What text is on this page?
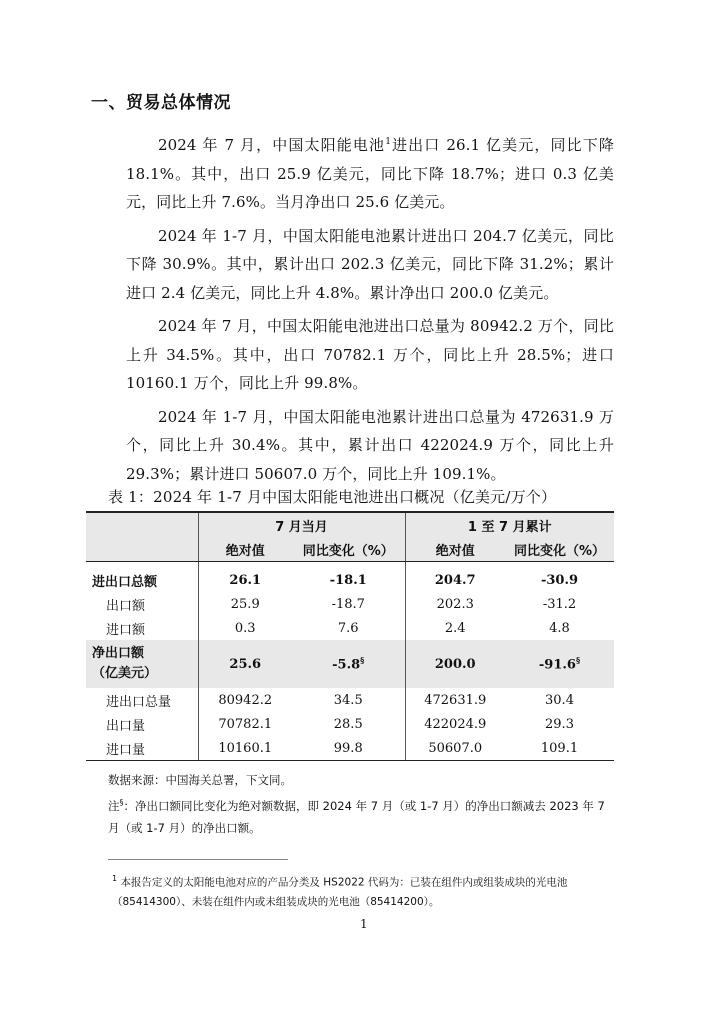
一、贸易总体情况

2024 年 7 月，中国太阳能电池$^1$进出口 26.1 亿美元，同比下降 18.1%。其中，出口 25.9 亿美元，同比下降 18.7%；进口 0.3 亿美元，同比上升 7.6%。当月净出口 25.6 亿美元。

2024 年 1-7 月，中国太阳能电池累计进出口 204.7 亿美元，同比下降 30.9%。其中，累计出口 202.3 亿美元，同比下降 31.2%；累计进口 2.4 亿美元，同比上升 4.8%。累计净出口 200.0 亿美元。

2024 年 7 月，中国太阳能电池进出口总量为 80942.2 万个，同比上升 34.5%。其中，出口 70782.1 万个，同比上升 28.5%；进口 10160.1 万个，同比上升 99.8%。

2024 年 1-7 月，中国太阳能电池累计进出口总量为 472631.9 万个，同比上升 30.4%。其中，累计出口 422024.9 万个，同比上升 29.3%；累计进口 50607.0 万个，同比上升 109.1%。

表 1：2024 年 1-7 月中国太阳能电池进出口概况（亿美元/万个）
	7 月当月		1 至 7 月累计	
	绝对值	同比变化（%）	绝对值	同比变化（%）
进出口总额	26.1	-18.1	204.7	-30.9
出口额	25.9	-18.7	202.3	-31.2
进口额	0.3	7.6	2.4	4.8
净出口额
（亿美元）	25.6	-5.8§	200.0	-91.6§
进出口总量	80942.2	34.5	472631.9	30.4
出口量	70782.1	28.5	422024.9	29.3
进口量	10160.1	99.8	50607.0	109.1
数据来源：中国海关总署，下文同。
注§：净出口额同比变化为绝对额数据，即 2024 年 7 月（或 1-7 月）的净出口额减去 2023 年 7 月（或 1-7 月）的净出口额。
$^1$ 本报告定义的太阳能电池对应的产品分类及 HS2022 代码为：已装在组件内或组装成块的光电池（85414300）、未装在组件内或未组装成块的光电池（85414200）。
1
